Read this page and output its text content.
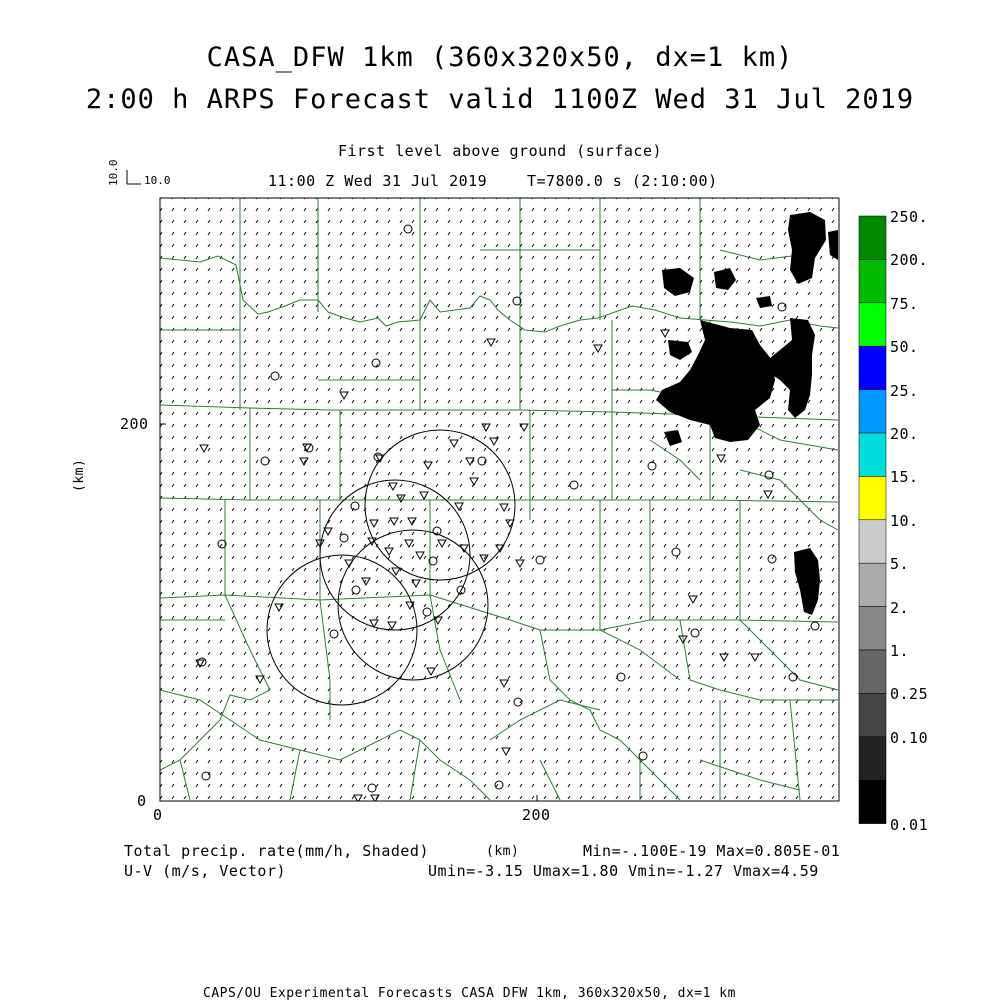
CASA_DFW 1km (360x320x50, dx=1 km)
2:00 h ARPS Forecast valid 1100Z Wed 31 Jul 2019
First level above ground (surface)
11:00 Z Wed 31 Jul 2019	T=7800.0 s (2:10:00)
10.0 10.0
0	200
0
200
(km)
Total precip. rate(mm/h, Shaded)	(km)	Min=-.100E-19 Max=0.805E-01
U-V (m/s, Vector)	Umin=-3.15 Umax=1.80 Vmin=-1.27 Vmax=4.59
CAPS/OU Experimental Forecasts CASA DFW 1km, 360x320x50, dx=1 km
250.
200.
75.
50.
25.
20.
15.
10.
5.
2.
1.
0.25
0.10
0.01
